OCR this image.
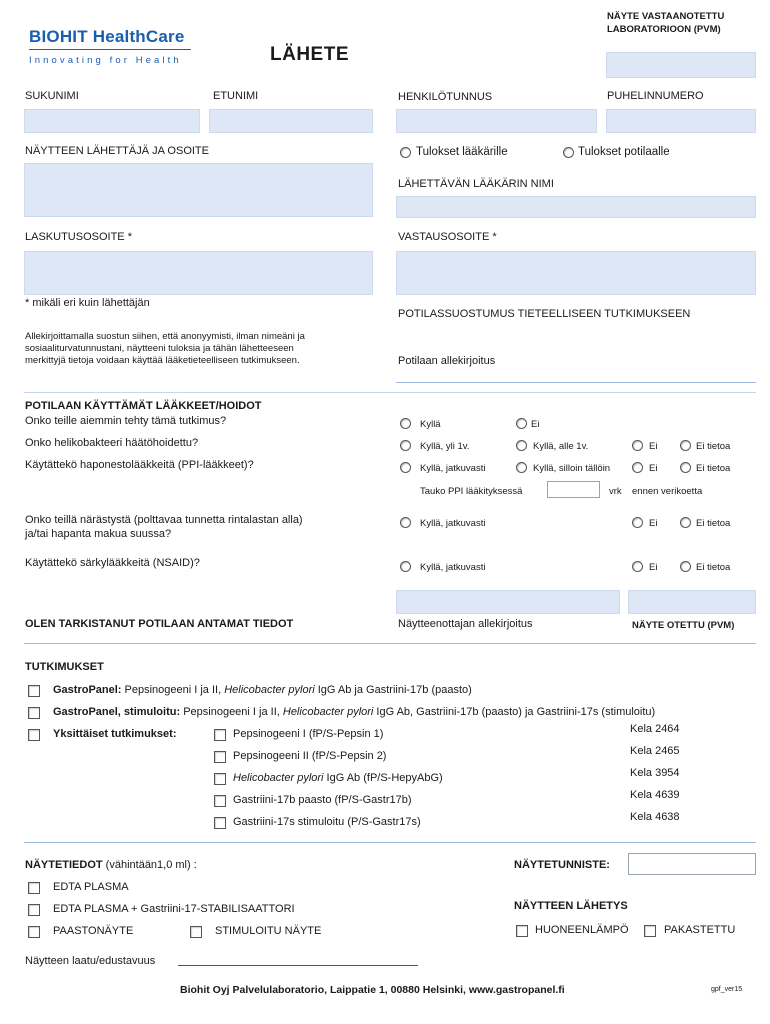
BIOHIT HealthCare
Innovating for Health	LÄHETE
NÄYTE VASTAANOTETTU
LABORATORIOON (PVM)
SUKUNIMI	ETUNIMI	HENKILÖTUNNUS	PUHELINNUMERO
NÄYTTEEN LÄHETTÄJÄ JA OSOITE	Tulokset lääkärille	Tulokset potilaalle
LÄHETTÄVÄN LÄÄKÄRIN NIMI
LASKUTUSOSOITE *	VASTAUSOSOITE *
* mikäli eri kuin lähettäjän
POTILASSUOSTUMUS TIETEELLISEEN TUTKIMUKSEEN
Allekirjoittamalla suostun siihen, että anonyymisti, ilman nimeäni ja
sosiaaliturvatunnustani, näytteeni tuloksia ja tähän lähetteeseen
merkittyjä tietoja voidaan käyttää lääketieteelliseen tutkimukseen.	Potilaan allekirjoitus
POTILAAN KÄYTTÄMÄT LÄÄKKEET/HOIDOT
Onko teille aiemmin tehty tämä tutkimus?	Kyllä	Ei
Onko helikobakteeri häätöhoidettu?	Kyllä, yli 1v.	Kyllä, alle 1v.	Ei	Ei tietoa
Käytättekö haponestolääkkeitä (PPI-lääkkeet)?	Kyllä, jatkuvasti	Kyllä, silloin tällöin	Ei	Ei tietoa
Tauko PPI lääkityksessä	vrk ennen verikoetta
Onko teillä närästystä (polttavaa tunnetta rintalastan alla)
ja/tai hapanta makua suussa?
Kyllä, jatkuvasti	Ei	Ei tietoa
Käytättekö särkylääkkeitä (NSAID)?	Kyllä, jatkuvasti	Ei	Ei tietoa
OLEN TARKISTANUT POTILAAN ANTAMAT TIEDOT	Näytteenottajan allekirjoitus	NÄYTE OTETTU (PVM)
TUTKIMUKSET
GastroPanel: Pepsinogeeni I ja II, Helicobacter pylori IgG Ab ja Gastriini-17b (paasto)
GastroPanel, stimuloitu: Pepsinogeeni I ja II, Helicobacter pylori IgG Ab, Gastriini-17b (paasto) ja Gastriini-17s (stimuloitu)
Yksittäiset tutkimukset:	Pepsinogeeni I (fP/S-Pepsin 1)	Kela 2464
Pepsinogeeni II (fP/S-Pepsin 2)	Kela 2465
Helicobacter pylori IgG Ab (fP/S-HepyAbG)	Kela 3954
Gastriini-17b paasto (fP/S-Gastr17b)	Kela 4639
Gastriini-17s stimuloitu (P/S-Gastr17s)	Kela 4638
NÄYTETIEDOT (vähintään1,0 ml) :	NÄYTETUNNISTE:
EDTA PLASMA
EDTA PLASMA + Gastriini-17-STABILISAATTORI	NÄYTTEEN LÄHETYS
PAASTONÄYTE	STIMULOITU NÄYTE	HUONEENLÄMPÖ	PAKASTETTU
Näytteen laatu/edustavuus
Biohit Oyj Palvelulaboratorio, Laippatie 1, 00880 Helsinki, www.gastropanel.fi	gpf_ver15
